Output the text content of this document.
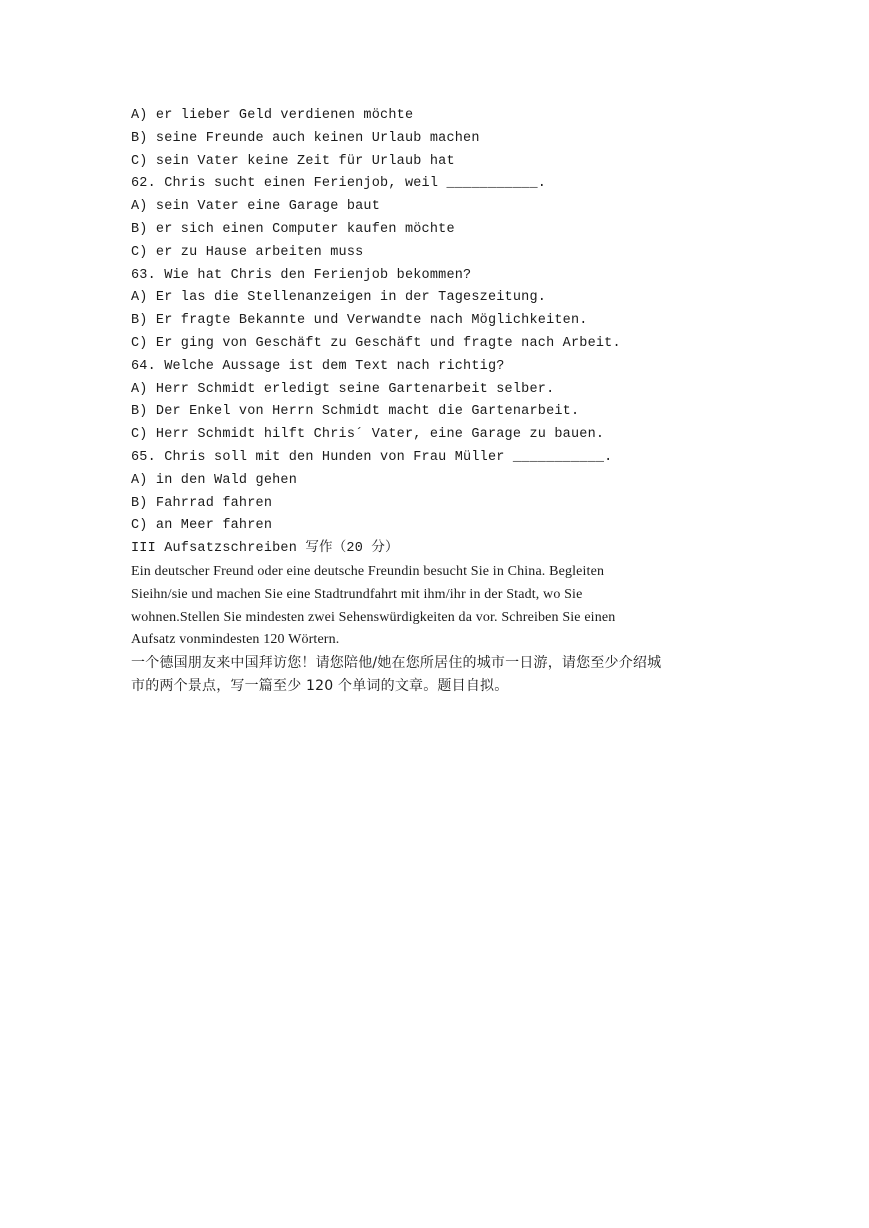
A) er lieber Geld verdienen möchte
B) seine Freunde auch keinen Urlaub machen
C) sein Vater keine Zeit für Urlaub hat
62. Chris sucht einen Ferienjob, weil ___________.
A) sein Vater eine Garage baut
B) er sich einen Computer kaufen möchte
C) er zu Hause arbeiten muss
63. Wie hat Chris den Ferienjob bekommen?
A) Er las die Stellenanzeigen in der Tageszeitung.
B) Er fragte Bekannte und Verwandte nach Möglichkeiten.
C) Er ging von Geschäft zu Geschäft und fragte nach Arbeit.
64. Welche Aussage ist dem Text nach richtig?
A) Herr Schmidt erledigt seine Gartenarbeit selber.
B) Der Enkel von Herrn Schmidt macht die Gartenarbeit.
C) Herr Schmidt hilft Chris´ Vater, eine Garage zu bauen.
65. Chris soll mit den Hunden von Frau Müller ___________.
A) in den Wald gehen
B) Fahrrad fahren
C) an Meer fahren
III Aufsatzschreiben 写作（20 分）
Ein deutscher Freund oder eine deutsche Freundin besucht Sie in China. Begleiten
Sieihn/sie und machen Sie eine Stadtrundfahrt mit ihm/ihr in der Stadt, wo Sie
wohnen.Stellen Sie mindesten zwei Sehenswürdigkeiten da vor. Schreiben Sie einen
Aufsatz vonmindesten 120 Wörtern.
一个德国朋友来中国拜访您！请您陪他/她在您所居住的城市一日游，请您至少介绍城
市的两个景点，写一篇至少 120 个单词的文章。题目自拟。
